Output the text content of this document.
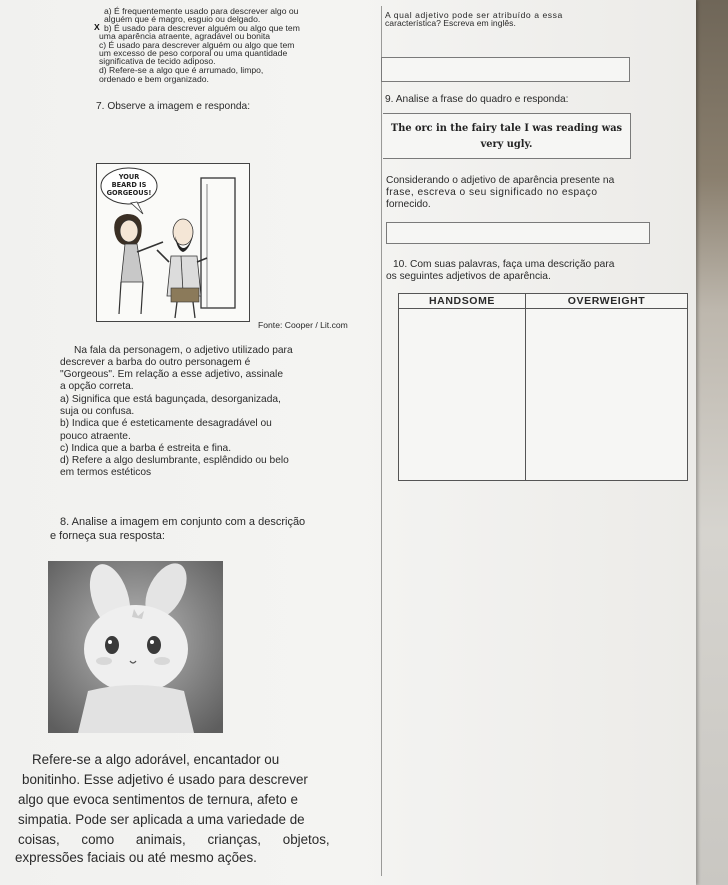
a) É frequentemente usado para descrever algo ou

alguém que é magro, esguio ou delgado.

X b) É usado para descrever alguém ou algo que tem

uma aparência atraente, agradável ou bonita

c) É usado para descrever alguém ou algo que tem

um excesso de peso corporal ou uma quantidade

significativa de tecido adiposo.

d) Refere-se a algo que é arrumado, limpo,

ordenado e bem organizado.

7. Observe a imagem e responda:

YOUR
BEARD IS
GORGEOUS!

Fonte: Cooper / Lit.com

Na fala da personagem, o adjetivo utilizado para

descrever a barba do outro personagem é

"Gorgeous". Em relação a esse adjetivo, assinale

a opção correta.

a) Significa que está bagunçada, desorganizada,

suja ou confusa.

b) Indica que é esteticamente desagradável ou

pouco atraente.

c) Indica que a barba é estreita e fina.

d) Refere a algo deslumbrante, esplêndido ou belo

em termos estéticos

8. Analise a imagem em conjunto com a descrição

e forneça sua resposta:

Refere-se a algo adorável, encantador ou

bonitinho. Esse adjetivo é usado para descrever

algo que evoca sentimentos de ternura, afeto e

simpatia. Pode ser aplicada a uma variedade de

coisas, como animais, crianças, objetos,

expressões faciais ou até mesmo ações.

A qual adjetivo pode ser atribuído a essa

característica? Escreva em inglês.

9. Analise a frase do quadro e responda:

The orc in the fairy tale I was reading was
very ugly.

Considerando o adjetivo de aparência presente na

frase, escreva o seu significado no espaço

fornecido.

10. Com suas palavras, faça uma descrição para

os seguintes adjetivos de aparência.

HANDSOME	OVERWEIGHT
